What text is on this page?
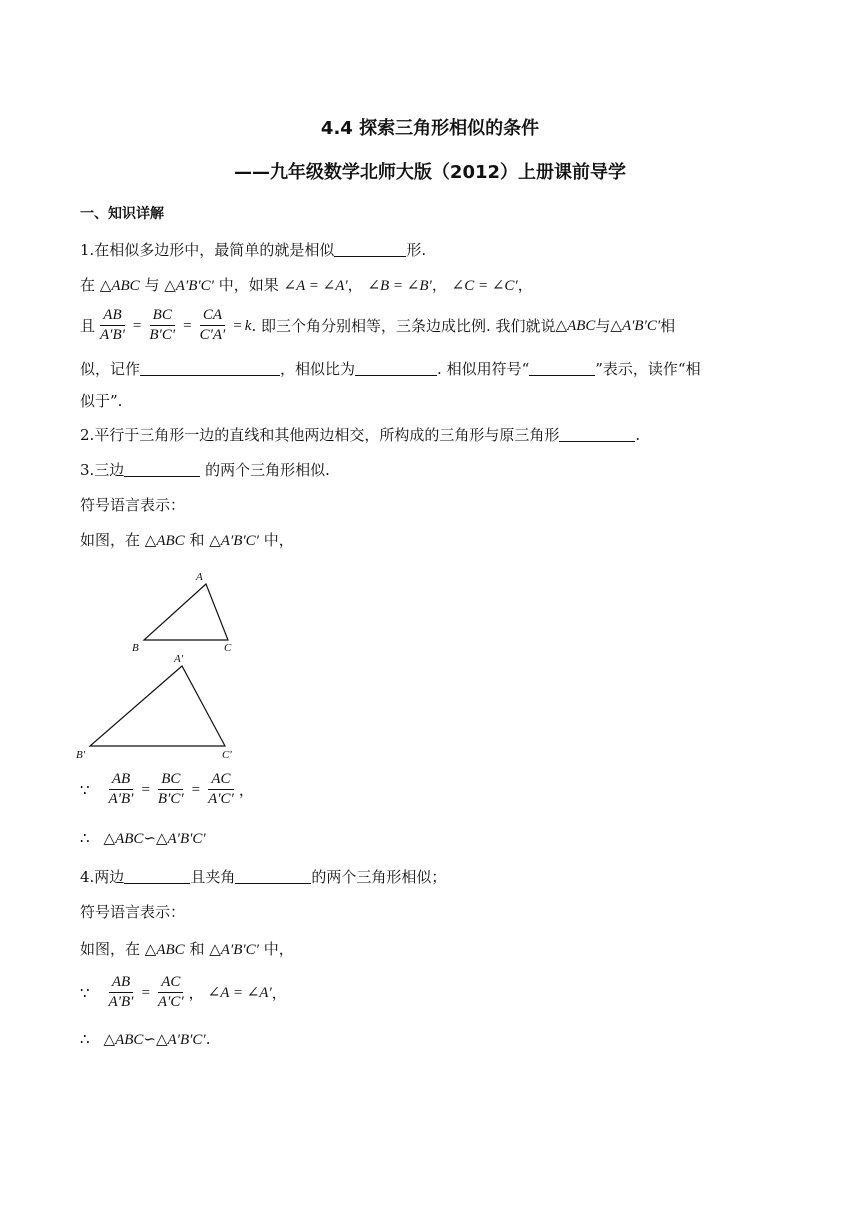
4.4 探索三角形相似的条件
——九年级数学北师大版（2012）上册课前导学
一、知识详解
1.在相似多边形中，最简单的就是相似	形.
在 △ABC 与 △A′B′C′ 中，如果 ∠A = ∠A′， ∠B = ∠B′， ∠C = ∠C′，
且 $\frac{AB}{A'B'} = \frac{BC}{B'C'} = \frac{CA}{C'A'} = k$ . 即三个角分别相等，三条边成比例. 我们就说 △ABC 与 △A′B′C′ 相
似，记作	，相似比为	. 相似用符号“	”表示，读作“相
似于”.
2.平行于三角形一边的直线和其他两边相交，所构成的三角形与原三角形	.
3.三边	的两个三角形相似.
符号语言表示：
如图，在 △ABC 和 △A′B′C′ 中，
A
B	C
A′
B′	C′
∵ $\frac{AB}{A'B'} = \frac{BC}{B'C'} = \frac{AC}{A'C'}$ ，
∴ △ABC∽△A′B′C′
4.两边	且夹角	的两个三角形相似；
符号语言表示：
如图，在 △ABC 和 △A′B′C′ 中，
∵ $\frac{AB}{A'B'} = \frac{AC}{A'C'}$ ， ∠A = ∠A′ ，
∴ △ABC∽△A′B′C′.
